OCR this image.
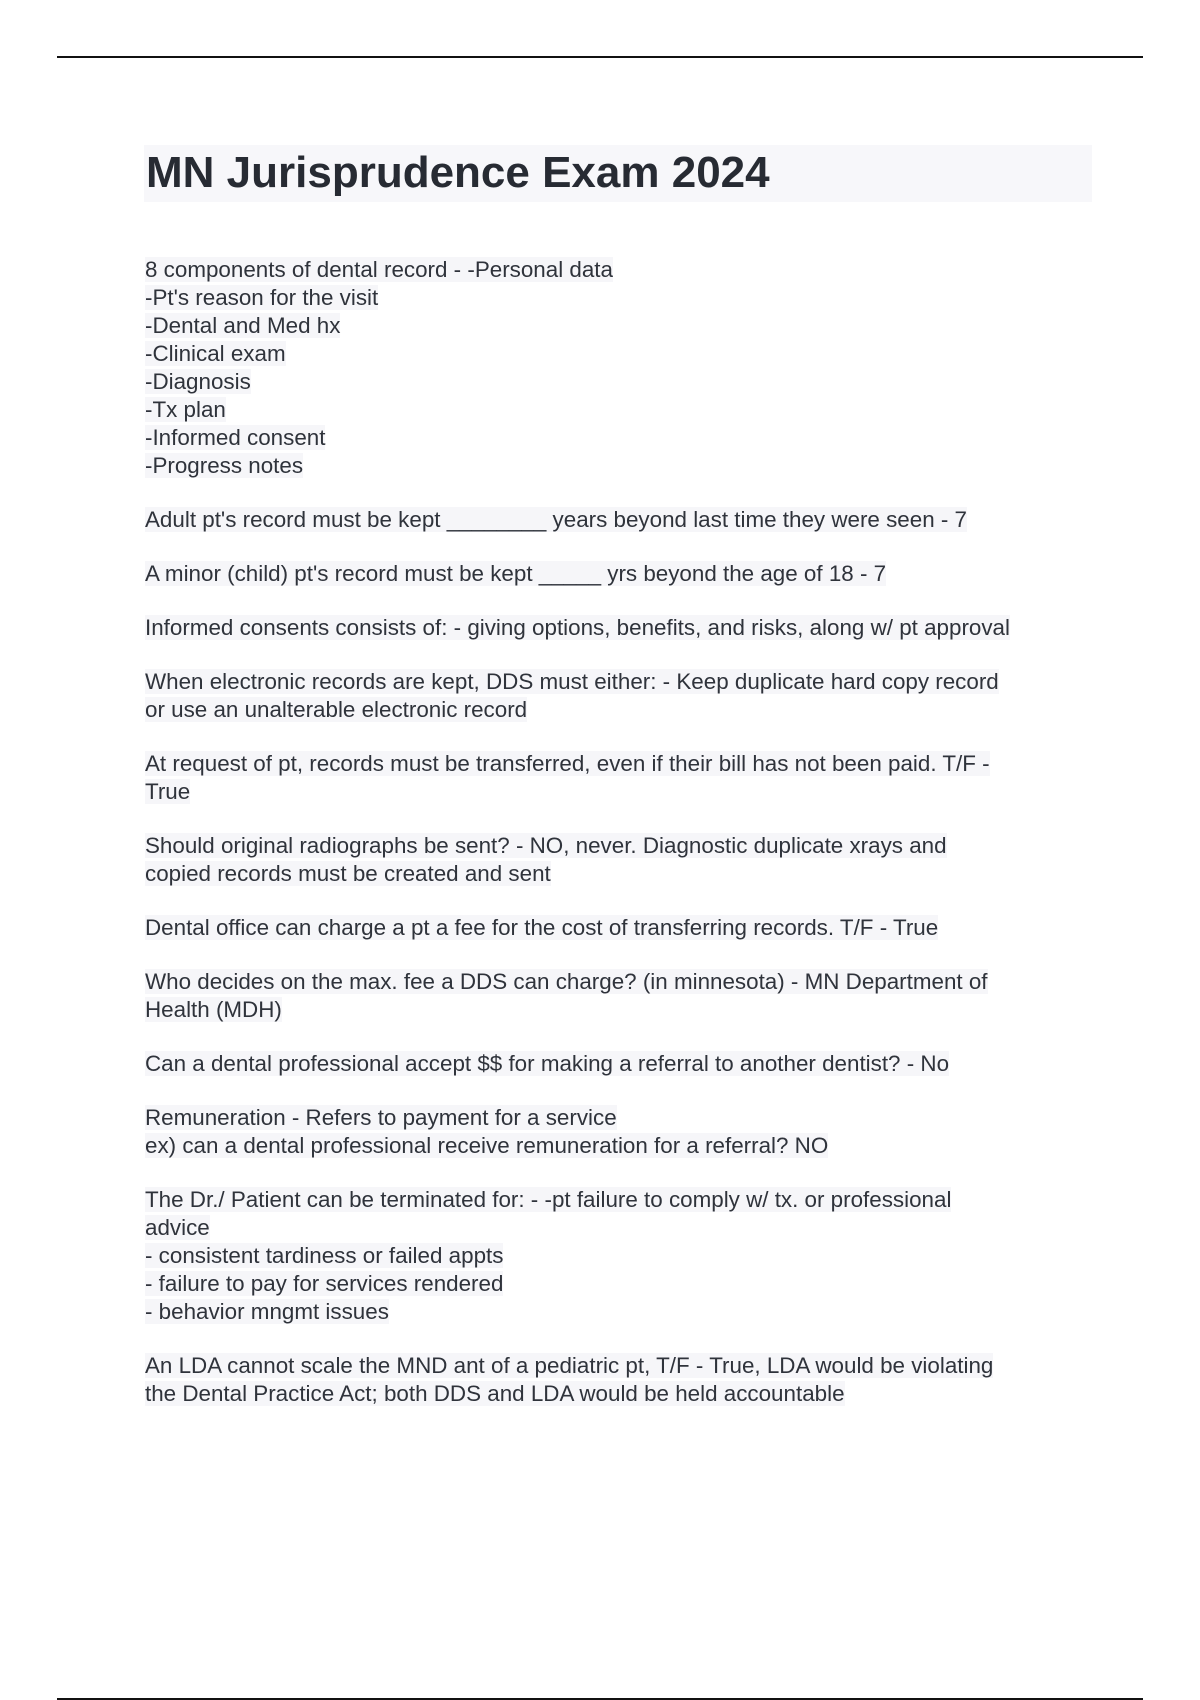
MN Jurisprudence Exam 2024

8 components of dental record - -Personal data
-Pt's reason for the visit
-Dental and Med hx
-Clinical exam
-Diagnosis
-Tx plan
-Informed consent
-Progress notes

Adult pt's record must be kept ________ years beyond last time they were seen - 7

A minor (child) pt's record must be kept _____ yrs beyond the age of 18 - 7

Informed consents consists of: - giving options, benefits, and risks, along w/ pt approval

When electronic records are kept, DDS must either: - Keep duplicate hard copy record
or use an unalterable electronic record

At request of pt, records must be transferred, even if their bill has not been paid. T/F -
True

Should original radiographs be sent? - NO, never. Diagnostic duplicate xrays and
copied records must be created and sent

Dental office can charge a pt a fee for the cost of transferring records. T/F - True

Who decides on the max. fee a DDS can charge? (in minnesota) - MN Department of
Health (MDH)

Can a dental professional accept $$ for making a referral to another dentist? - No

Remuneration - Refers to payment for a service
ex) can a dental professional receive remuneration for a referral? NO

The Dr./ Patient can be terminated for: - -pt failure to comply w/ tx. or professional
advice
- consistent tardiness or failed appts
- failure to pay for services rendered
- behavior mngmt issues

An LDA cannot scale the MND ant of a pediatric pt, T/F - True, LDA would be violating
the Dental Practice Act; both DDS and LDA would be held accountable
